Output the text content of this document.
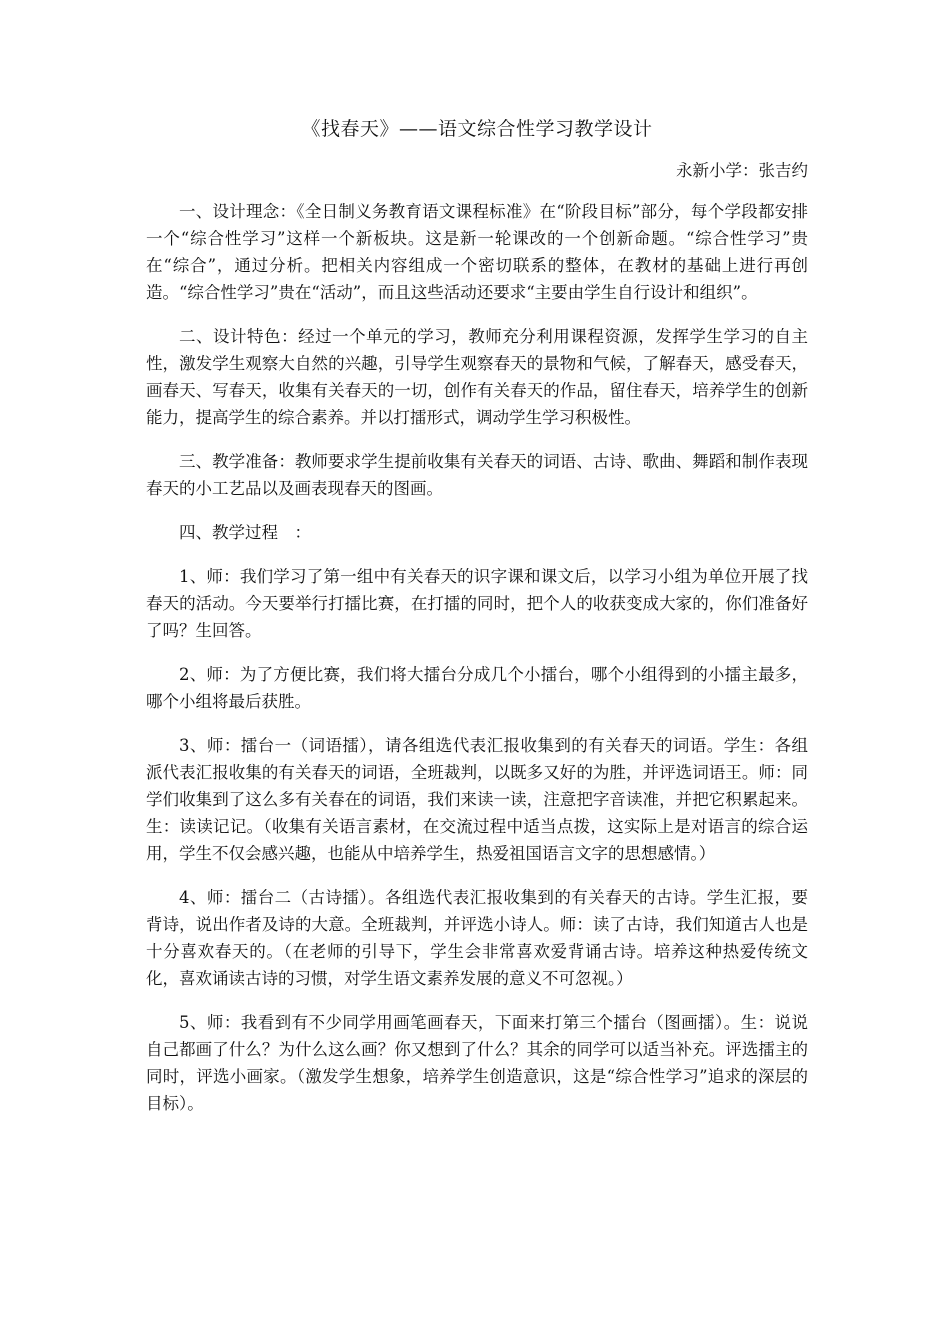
《找春天》——语文综合性学习教学设计
永新小学：张吉约

一、设计理念：《全日制义务教育语文课程标准》在“阶段目标”部分，每个学段都安排一个“综合性学习”这样一个新板块。这是新一轮课改的一个创新命题。“综合性学习”贵在“综合”，通过分析。把相关内容组成一个密切联系的整体，在教材的基础上进行再创造。“综合性学习”贵在“活动”，而且这些活动还要求“主要由学生自行设计和组织”。

二、设计特色：经过一个单元的学习，教师充分利用课程资源，发挥学生学习的自主性，激发学生观察大自然的兴趣，引导学生观察春天的景物和气候，了解春天，感受春天，画春天、写春天，收集有关春天的一切，创作有关春天的作品，留住春天，培养学生的创新能力，提高学生的综合素养。并以打擂形式，调动学生学习积极性。

三、教学准备：教师要求学生提前收集有关春天的词语、古诗、歌曲、舞蹈和制作表现春天的小工艺品以及画表现春天的图画。

四、教学过程　：

1、师：我们学习了第一组中有关春天的识字课和课文后，以学习小组为单位开展了找春天的活动。今天要举行打擂比赛，在打擂的同时，把个人的收获变成大家的，你们准备好了吗？生回答。

2、师：为了方便比赛，我们将大擂台分成几个小擂台，哪个小组得到的小擂主最多，哪个小组将最后获胜。

3、师：擂台一（词语擂），请各组选代表汇报收集到的有关春天的词语。学生：各组派代表汇报收集的有关春天的词语，全班裁判，以既多又好的为胜，并评选词语王。师：同学们收集到了这么多有关春在的词语，我们来读一读，注意把字音读准，并把它积累起来。生：读读记记。（收集有关语言素材，在交流过程中适当点拨，这实际上是对语言的综合运用，学生不仅会感兴趣，也能从中培养学生，热爱祖国语言文字的思想感情。）

4、师：擂台二（古诗擂）。各组选代表汇报收集到的有关春天的古诗。学生汇报，要背诗，说出作者及诗的大意。全班裁判，并评选小诗人。师：读了古诗，我们知道古人也是十分喜欢春天的。（在老师的引导下，学生会非常喜欢爱背诵古诗。培养这种热爱传统文化，喜欢诵读古诗的习惯，对学生语文素养发展的意义不可忽视。）

5、师：我看到有不少同学用画笔画春天，下面来打第三个擂台（图画擂）。生：说说自己都画了什么？为什么这么画？你又想到了什么？其余的同学可以适当补充。评选擂主的同时，评选小画家。（激发学生想象，培养学生创造意识，这是“综合性学习”追求的深层的目标）。
